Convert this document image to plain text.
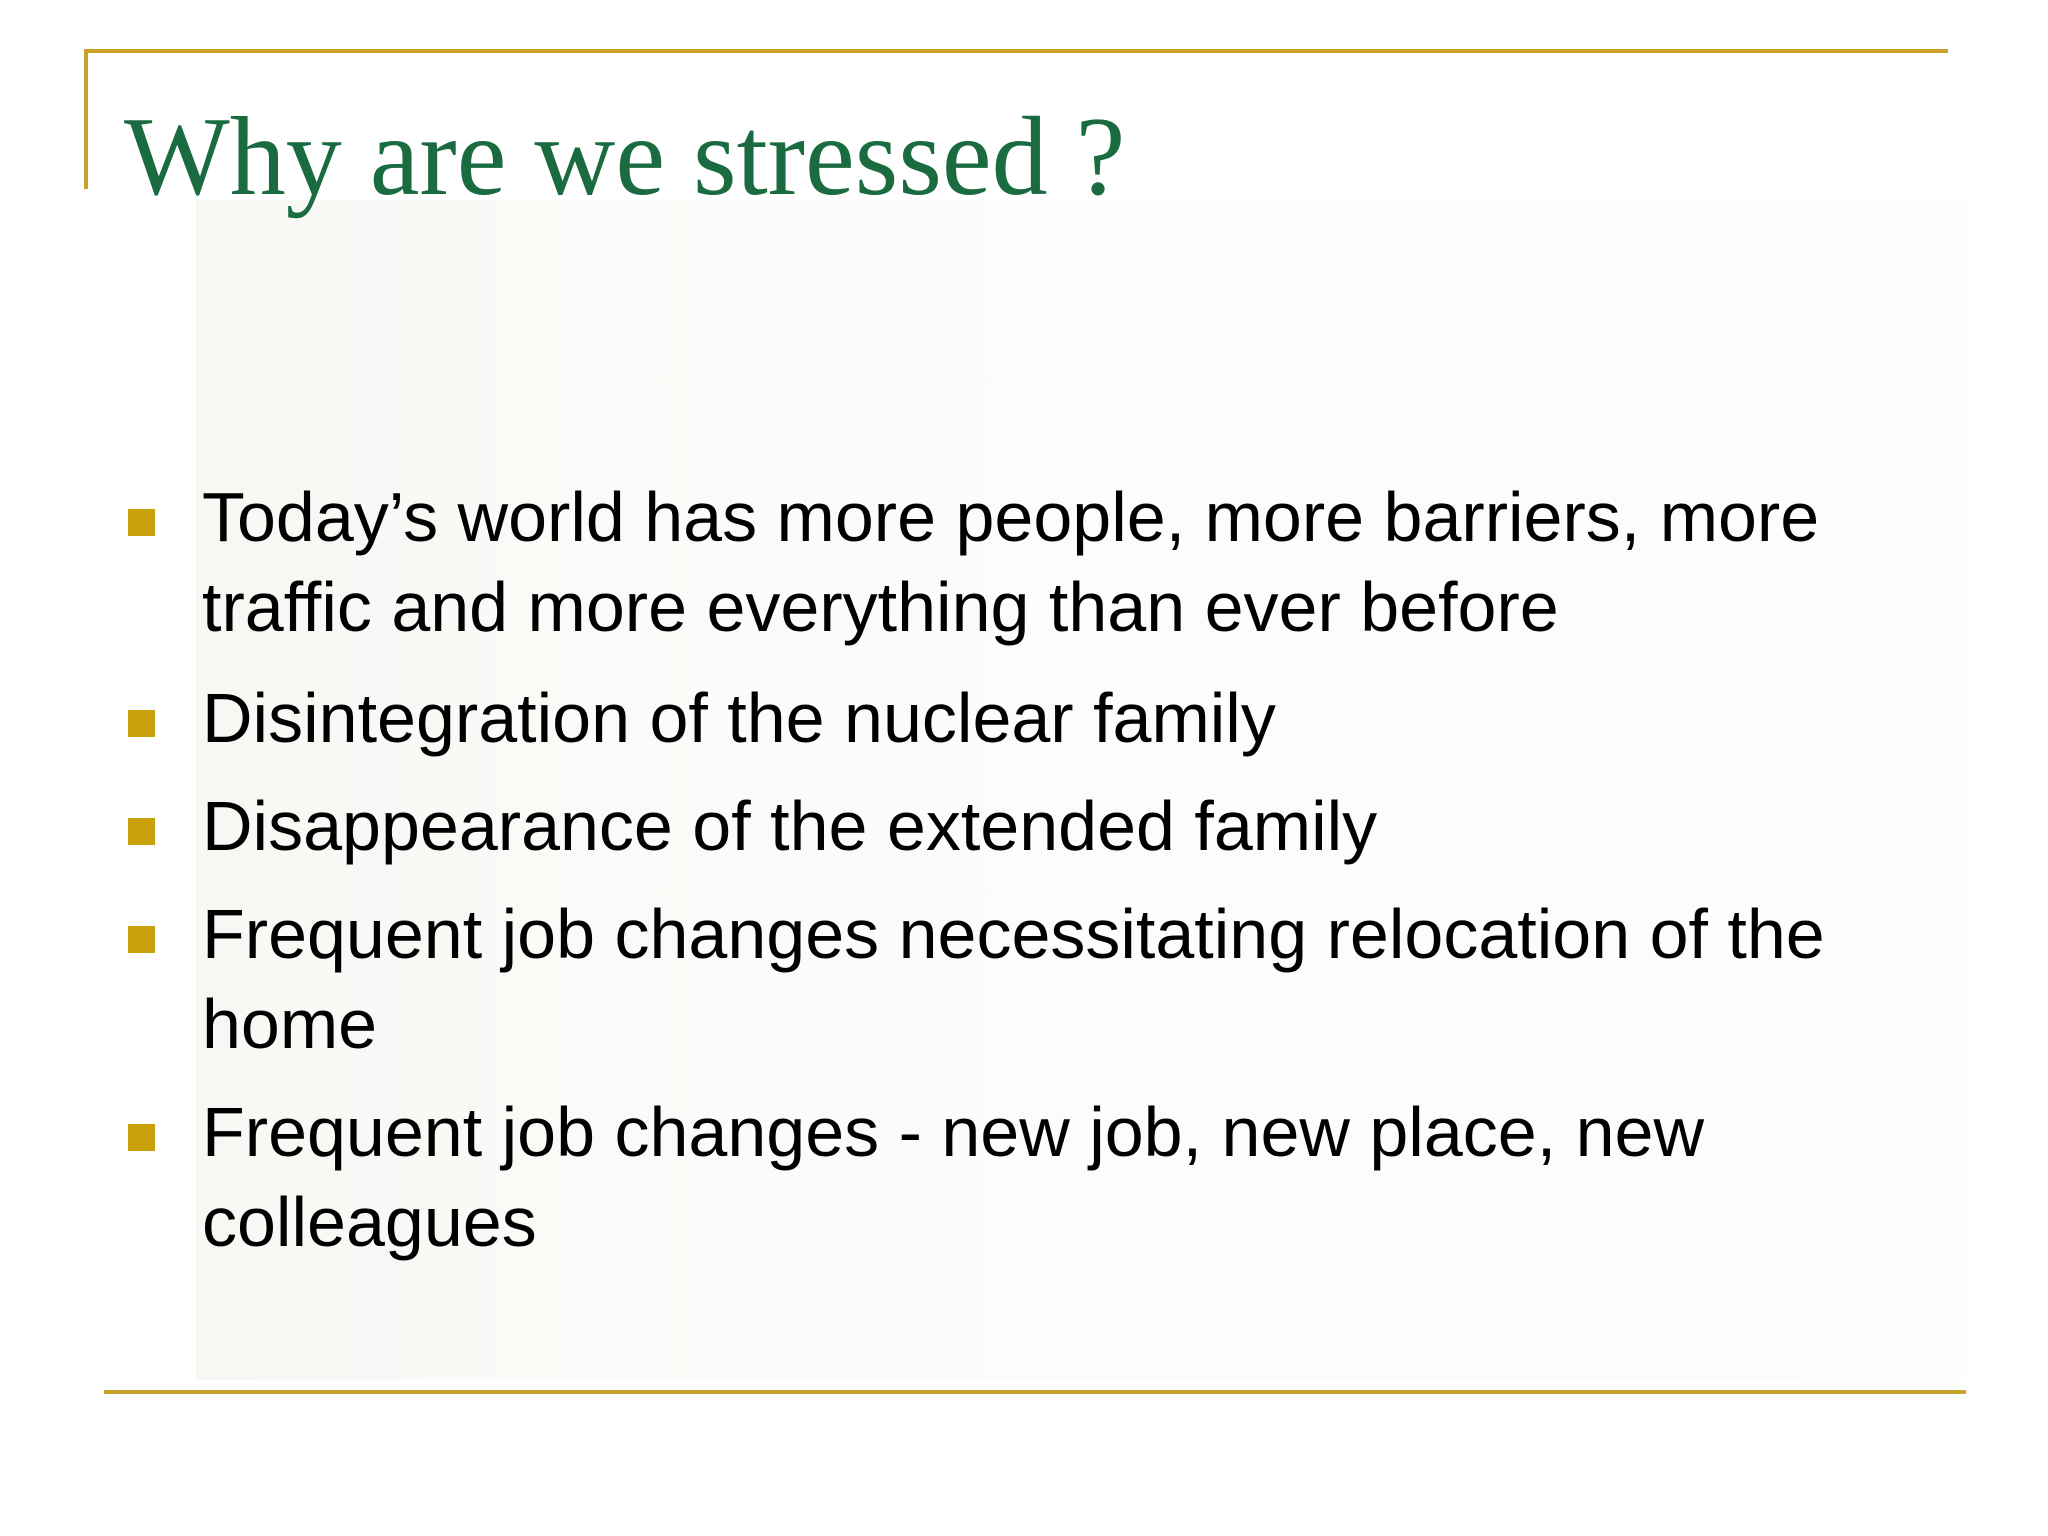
Why are we stressed ?

Today’s world has more people, more barriers, more
traffic and more everything than ever before

Disintegration of the nuclear family

Disappearance of the extended family

Frequent job changes necessitating relocation of the
home

Frequent job changes - new job, new place, new
colleagues
